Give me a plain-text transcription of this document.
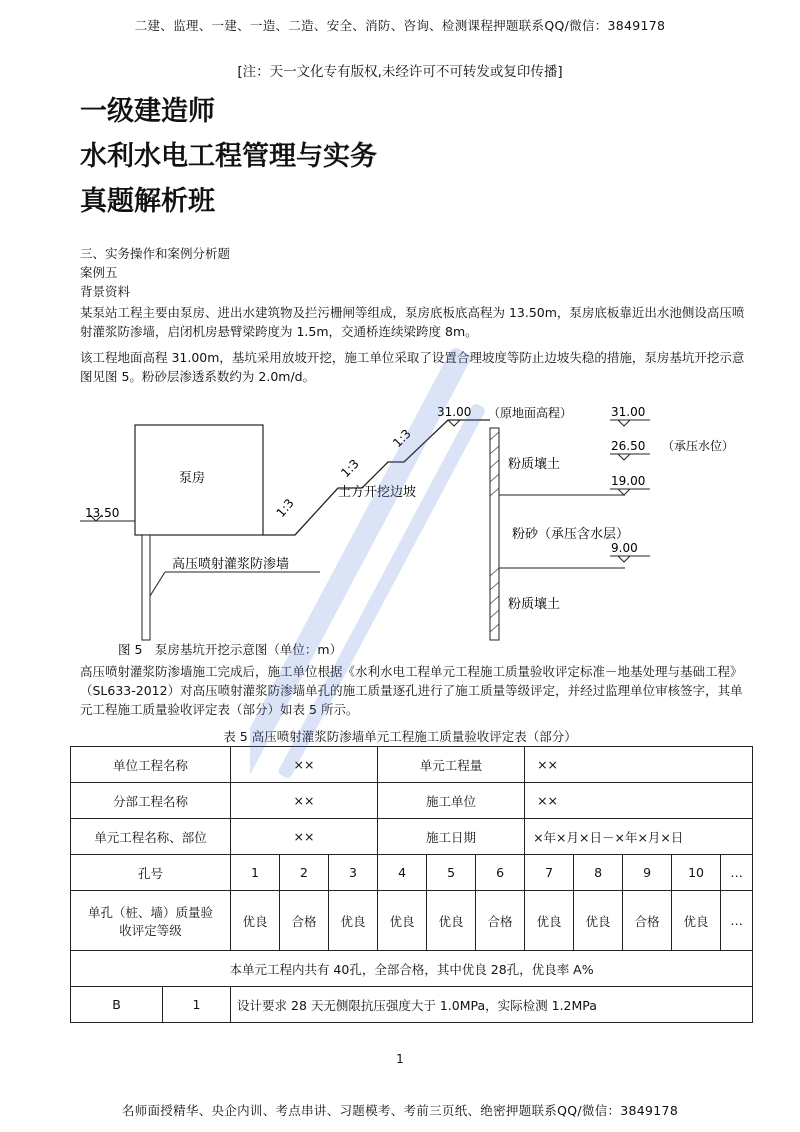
二建、监理、一建、一造、二造、安全、消防、咨询、检测课程押题联系QQ/微信：3849178
[注：天一文化专有版权,未经许可不可转发或复印传播]
一级建造师
水利水电工程管理与实务
真题解析班
三、实务操作和案例分析题
案例五
背景资料
某泵站工程主要由泵房、进出水建筑物及拦污栅闸等组成，泵房底板底高程为 13.50m，泵房底板靠近出水池侧设高压喷射灌浆防渗墙，启闭机房悬臂梁跨度为 1.5m，交通桥连续梁跨度 8m。
该工程地面高程 31.00m，基坑采用放坡开挖，施工单位采取了设置合理坡度等防止边坡失稳的措施，泵房基坑开挖示意图见图 5。粉砂层渗透系数约为 2.0m/d。
泵房
13.50
高压喷射灌浆防渗墙
1:3
1:3
1:3
土方开挖边坡
31.00 （原地面高程）
粉质壤土
粉砂（承压含水层）
粉质壤土
31.00
26.50 （承压水位）
19.00
9.00
图 5　泵房基坑开挖示意图（单位：m）
高压喷射灌浆防渗墙施工完成后，施工单位根据《水利水电工程单元工程施工质量验收评定标准－地基处理与基础工程》（SL633-2012）对高压喷射灌浆防渗墙单孔的施工质量逐孔进行了施工质量等级评定，并经过监理单位审核签字，其单元工程施工质量验收评定表（部分）如表 5 所示。
表 5 高压喷射灌浆防渗墙单元工程施工质量验收评定表（部分）
单位工程名称		××			单元工程量			××				
分部工程名称		××			施工单位			××				
单元工程名称、部位		××			施工日期			×年×月×日－×年×月×日				
孔号		1	2	3	4	5	6	7	8	9	10	…

单孔（桩、墙）质量验
收评定等级		优良	合格	优良	优良	优良	合格	优良	优良	合格	优良	…
本单元工程内共有 40孔，全部合格，其中优良 28孔，优良率 A%												
B	1	设计要求 28 天无侧限抗压强度大于 1.0MPa，实际检测 1.2MPa										
1
名师面授精华、央企内训、考点串讲、习题模考、考前三页纸、绝密押题联系QQ/微信：3849178
